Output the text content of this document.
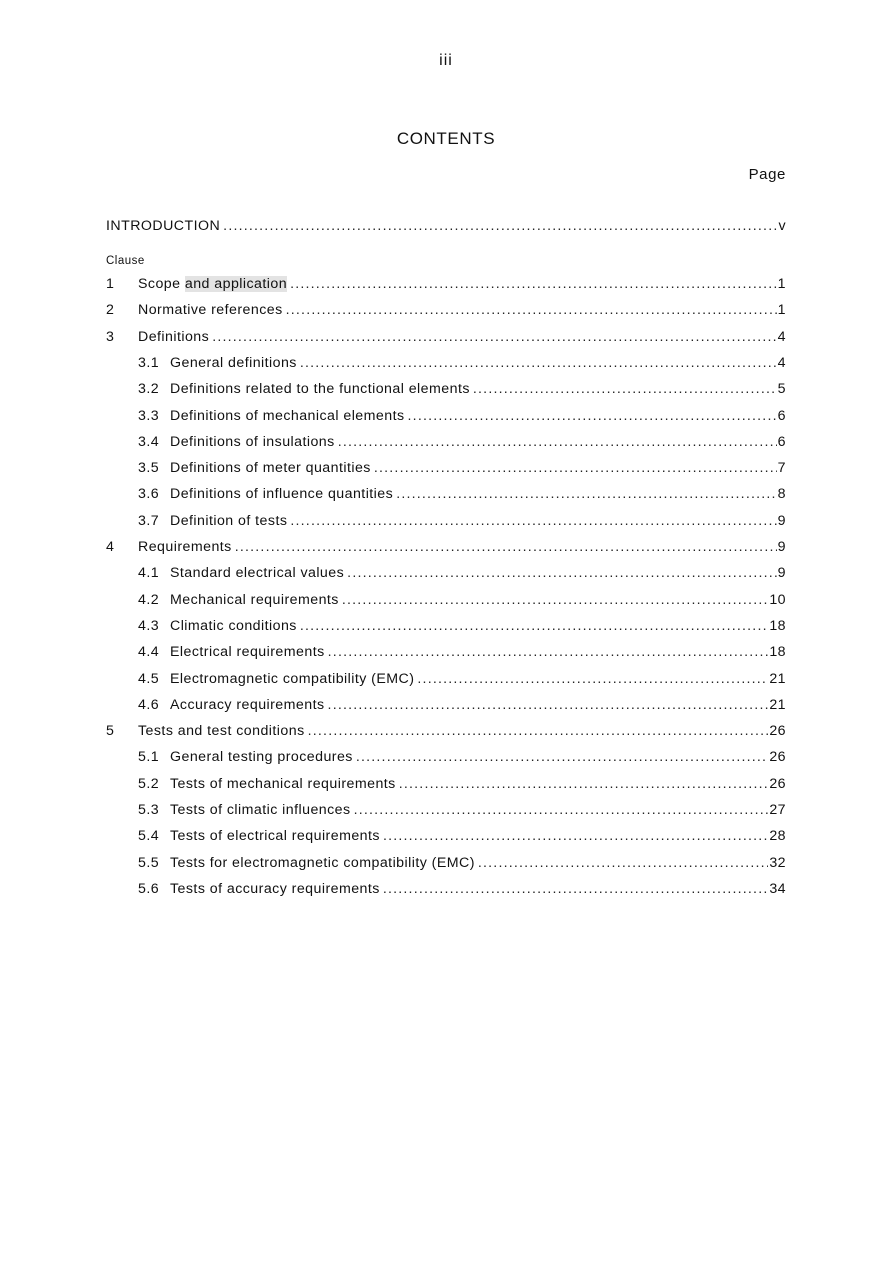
iii
CONTENTS
Page
INTRODUCTION .....	v
Clause
1	Scope and application .....	1
2	Normative references .....	1
3	Definitions .....	4
3.1 General definitions .....	4
3.2 Definitions related to the functional elements .....	5
3.3 Definitions of mechanical elements .....	6
3.4 Definitions of insulations .....	6
3.5 Definitions of meter quantities .....	7
3.6 Definitions of influence quantities .....	8
3.7 Definition of tests .....	9
4	Requirements .....	9
4.1 Standard electrical values .....	9
4.2 Mechanical requirements .....	10
4.3 Climatic conditions .....	18
4.4 Electrical requirements .....	18
4.5 Electromagnetic compatibility (EMC) .....	21
4.6 Accuracy requirements .....	21
5	Tests and test conditions .....	26
5.1 General testing procedures .....	26
5.2 Tests of mechanical requirements .....	26
5.3 Tests of climatic influences .....	27
5.4 Tests of electrical requirements .....	28
5.5 Tests for electromagnetic compatibility (EMC) .....	32
5.6 Tests of accuracy requirements .....	34
